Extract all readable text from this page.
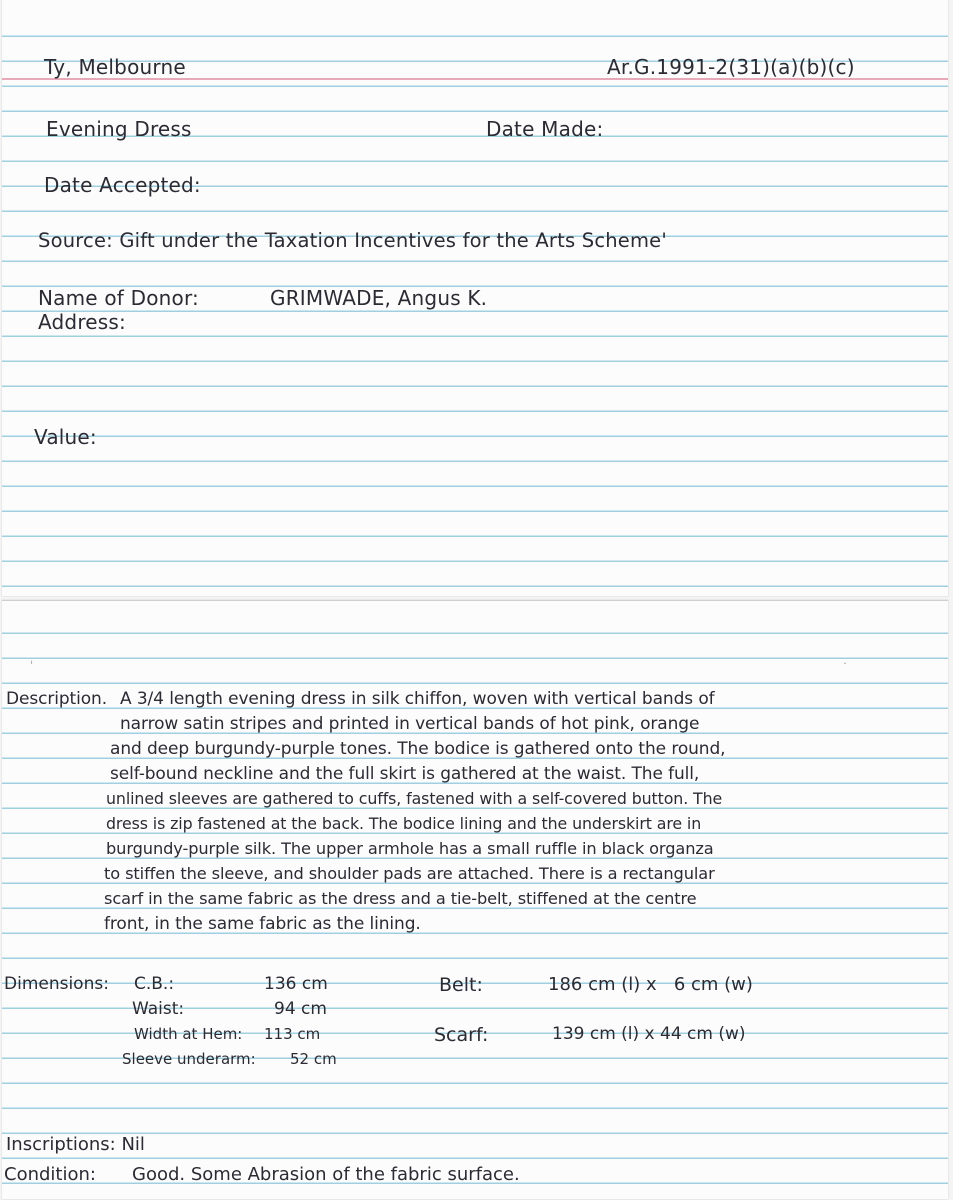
Ty, Melbourne	Ar.G.1991-2(31)(a)(b)(c)
Evening Dress	Date Made:
Date Accepted:
Source: Gift under the Taxation Incentives for the Arts Scheme'
Name of Donor:	GRIMWADE, Angus K.
Address:
Value:
ˈ	˙
Description. A 3/4 length evening dress in silk chiffon, woven with vertical bands of
narrow satin stripes and printed in vertical bands of hot pink, orange
and deep burgundy-purple tones. The bodice is gathered onto the round,
self-bound neckline and the full skirt is gathered at the waist. The full,
unlined sleeves are gathered to cuffs, fastened with a self-covered button. The
dress is zip fastened at the back. The bodice lining and the underskirt are in
burgundy-purple silk. The upper armhole has a small ruffle in black organza
to stiffen the sleeve, and shoulder pads are attached. There is a rectangular
scarf in the same fabric as the dress and a tie-belt, stiffened at the centre
front, in the same fabric as the lining.
Dimensions: C.B.:	136 cm
Waist:	94 cm
Width at Hem: 113 cm
Sleeve underarm: 52 cm
Belt:	186 cm (l) x   6 cm (w)
Scarf:	139 cm (l) x 44 cm (w)
Inscriptions: Nil
Condition: Good. Some Abrasion of the fabric surface.
